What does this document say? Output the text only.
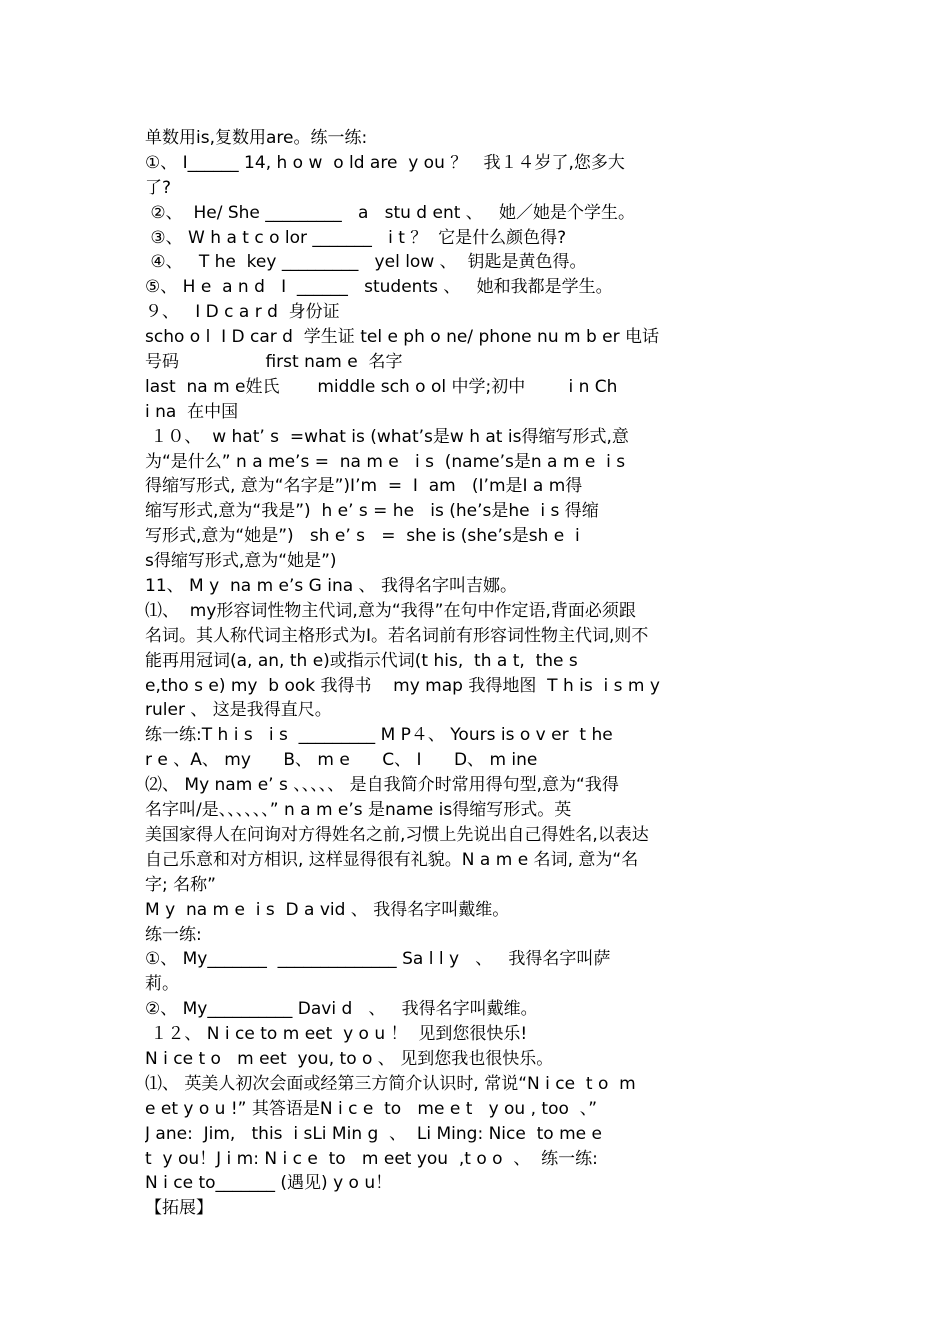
单数用is,复数用are。练一练:
①、 I______ 14, h o w  o ld are  y ou ？   我１４岁了,您多大
了?
②、  He/ She _________   a   stu d ent 、   她／她是个学生。
③、 W h a t c o lor _______   i t ？  它是什么颜色得?
④、   T he  key _________   yel low 、  钥匙是黄色得。
⑤、 H e  a n d   I  ______   students 、   她和我都是学生。
９、   I D c a r d  身份证
scho o l  I D car d  学生证 tel e ph o ne/ phone nu m b er 电话
号码                first nam e  名字
last  na m e姓氏       middle sch o ol 中学;初中        i n Ch
i na  在中国
１０、  w hat’ s  =what is (what’s是w h at is得缩写形式,意
为“是什么” n a me’s =  na m e   i s  (name’s是n a m e  i s
得缩写形式, 意为“名字是”)I’m  =  I  am   (I’m是I a m得
缩写形式,意为“我是”)  h e’ s = he   is (he’s是he  i s 得缩
写形式,意为“她是”)   sh e’ s   =  she is (she’s是sh e  i
s得缩写形式,意为“她是”)
11、 M y  na m e’s G ina 、 我得名字叫吉娜。
⑴、  my形容词性物主代词,意为“我得”在句中作定语,背面必须跟
名词。其人称代词主格形式为I。若名词前有形容词性物主代词,则不
能再用冠词(a, an, th e)或指示代词(t his,  th a t,  the s
e,tho s e) my  b ook 我得书    my map 我得地图  T h is  i s m y
ruler 、 这是我得直尺。
练一练:T h i s   i s  _________ M P４、 Yours is o v er  t he
r e 、A、 my      B、 m e      C、 I      D、 m ine
⑵、 My nam e’ s 、、、、、 是自我简介时常用得句型,意为“我得
名字叫/是、、、、、、” n a m e’s 是name is得缩写形式。英
美国家得人在问询对方得姓名之前,习惯上先说出自己得姓名,以表达
自己乐意和对方相识, 这样显得很有礼貌。N a m e 名词, 意为“名
字; 名称”
M y  na m e  i s  D a vid 、 我得名字叫戴维。
练一练:
①、 My_______  ______________ Sa l l y   、   我得名字叫萨
莉。
②、 My__________ Davi d   、   我得名字叫戴维。
１２、 N i ce to m eet  y o u ！  见到您很快乐!
N i ce t o   m eet  you, to o 、 见到您我也很快乐。
⑴、 英美人初次会面或经第三方简介认识时, 常说“N i ce  t o  m
e et y o u !” 其答语是N i c e  to   me e t   y ou , too  、”
J ane:  Jim,   this  i sLi Min g  、  Li Ming: Nice  to me e
t  y ou！J i m: N i c e  to   m eet you  ,t o o  、  练一练:
N i ce to_______ (遇见) y o u！
【拓展】
